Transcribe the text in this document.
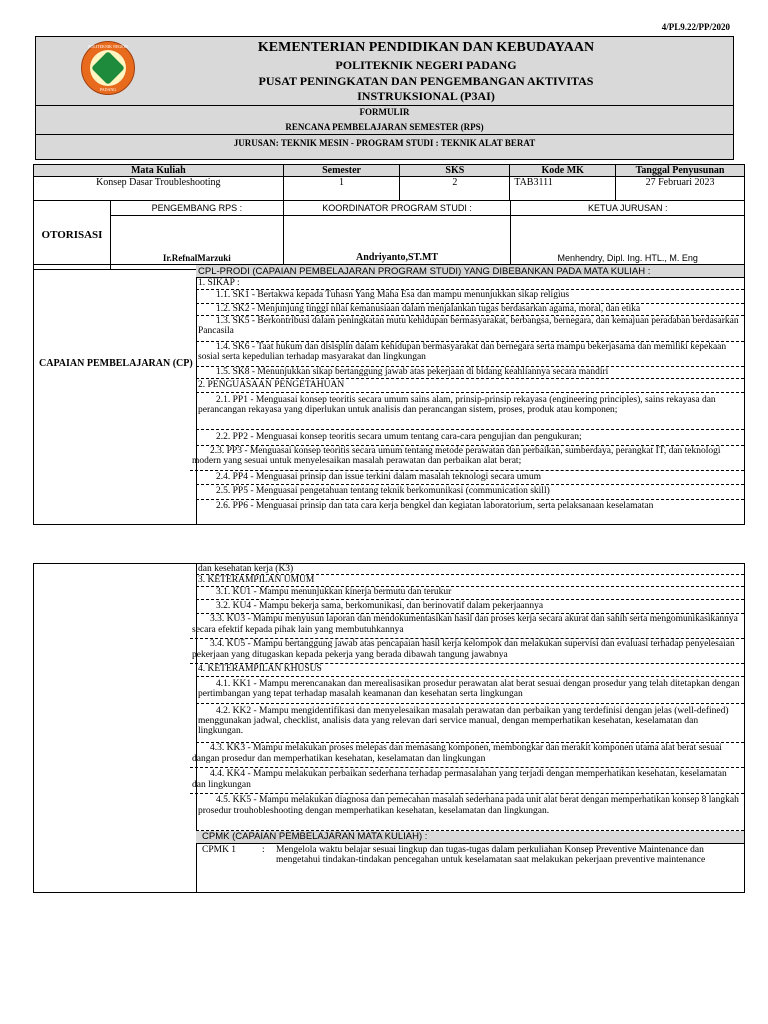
4/PL9.22/PP/2020
POLITEKNIK NEGERI
PADANG
KEMENTERIAN PENDIDIKAN DAN KEBUDAYAAN
POLITEKNIK NEGERI PADANG
PUSAT PENINGKATAN DAN PENGEMBANGAN AKTIVITAS
INSTRUKSIONAL (P3AI)
FORMULIR
RENCANA PEMBELAJARAN SEMESTER (RPS)
JURUSAN: TEKNIK MESIN - PROGRAM STUDI : TEKNIK ALAT BERAT
Mata Kuliah	Semester	SKS	Kode MK	Tanggal Penyusunan
Konsep Dasar Troubleshooting	1	2	TAB3111	27 Februari 2023
OTORISASI	PENGEMBANG RPS :	KOORDINATOR PROGRAM STUDI :	KETUA JURUSAN :
	Ir.RefnalMarzuki	Andriyanto,ST.MT	Menhendry, Dipl. Ing. HTL., M. Eng
CAPAIAN PEMBELAJARAN (CP)
CPL-PRODI (CAPAIAN PEMBELAJARAN PROGRAM STUDI) YANG DIBEBANKAN PADA MATA KULIAH :
1. SIKAP :
1.1. SK1 - Bertakwa kepada Tuhasn Yang Maha Esa dan mampu menunjukkan sikap religius
1.2. SK2 - Menjunjung tinggi nilai kemanusiaan dalam menjalankan tugas berdasarkan agama, moral, dan etika
1.3. SK5 - Berkontribusi dalam peningkatan mutu kehidupan bermasyarakat, berbangsa, bernegara, dan kemajuan peradaban berdasarkan Pancasila
1.4. SK6 - Taat hukum dan disisplin dalam kehidupan bermasyarakat dan bernegara serta mampu bekerjasama dan memiliki kepekaan sosial serta kepedulian terhadap masyarakat dan lingkungan
1.5. SK8 - Menunjukkan sikap bertanggung jawab atas pekerjaan di bidang keahliannya secara mandiri
2. PENGUASAAN PENGETAHUAN
2.1. PP1 - Menguasai konsep teoritis secara umum sains alam, prinsip-prinsip rekayasa (engineering principles), sains rekayasa dan perancangan rekayasa yang diperlukan untuk analisis dan perancangan sistem, proses, produk atau komponen;
2.2. PP2 - Menguasai konsep teoritis secara umum tentang cara-cara pengujian dan pengukuran;
2.3. PP3 - Menguasai konsep teoritis secara umum tentang metode perawatan dan perbaikan, sumberdaya, perangkat IT, dan teknologi modern yang sesuai untuk menyelesaikan masalah perawatan dan perbaikan alat berat;
2.4. PP4 - Menguasai prinsip dan issue terkini dalam masalah teknologi secara umum
2.5. PP5 - Menguasai pengetahuan tentang teknik berkomunikasi (communication skill)
2.6. PP6 - Menguasai prinsip dan tata cara kerja bengkel dan kegiatan laboratorium, serta pelaksanaan keselamatan
dan kesehatan kerja (K3)
3. KETERAMPILAN UMUM
3.1. KU1 - Mampu menunjukkan kinerja bermutu dan terukur
3.2. KU4 - Mampu bekerja sama, berkomunikasi, dan berinovatif dalam pekerjaannya
3.3. KU3 - Mampu menyusun laporan dan mendokumentasikan hasil dan proses kerja secara akurat dan sahih serta mengomunikasikannya secara efektif kepada pihak lain yang membutuhkannya
3.4. KU5 - Mampu bertanggung jawab atas pencapaian hasil kerja kelompok dan melakukan supervisi dan evaluasi terhadap penyelesaian pekerjaan yang ditugaskan kepada pekerja yang berada dibawah tangung jawabnya
4. KETERAMPILAN KHUSUS
4.1. KK1 - Mampu merencanakan dan merealisasikan prosedur perawatan alat berat sesuai dengan prosedur yang telah ditetapkan dengan pertimbangan yang tepat terhadap masalah keamanan dan kesehatan serta lingkungan
4.2. KK2 - Mampu mengidentifikasi dan menyelesaikan masalah perawatan dan perbaikan yang terdefinisi dengan jelas (well-defined) menggunakan jadwal, checklist, analisis data yang relevan dari service manual, dengan memperhatikan kesehatan, keselamatan dan lingkungan.
4.3. KK3 - Mampu melakukan proses melepas dan memasang komponen, membongkar dan merakit komponen utama alat berat sesuai dangan prosedur dan memperhatikan kesehatan, keselamatan dan lingkungan
4.4. KK4 - Mampu melakukan perbaikan sederhana terhadap permasalahan yang terjadi dengan memperhatikan kesehatan, keselamatan dan lingkungan
4.5. KK5 - Mampu melakukan diagnosa dan pemecahan masalah sederhana pada unit alat berat dengan memperhatikan konsep 8 langkah prosedur trouhobleshooting dengan memperhatikan kesehatan, keselamatan dan lingkungan.
CPMK (CAPAIAN PEMBELAJARAN MATA KULIAH) :
CPMK 1	:	Mengelola waktu belajar sesuai lingkup dan tugas-tugas dalam perkuliahan Konsep Preventive Maintenance dan mengetahui tindakan-tindakan pencegahan untuk keselamatan saat melakukan pekerjaan preventive maintenance
